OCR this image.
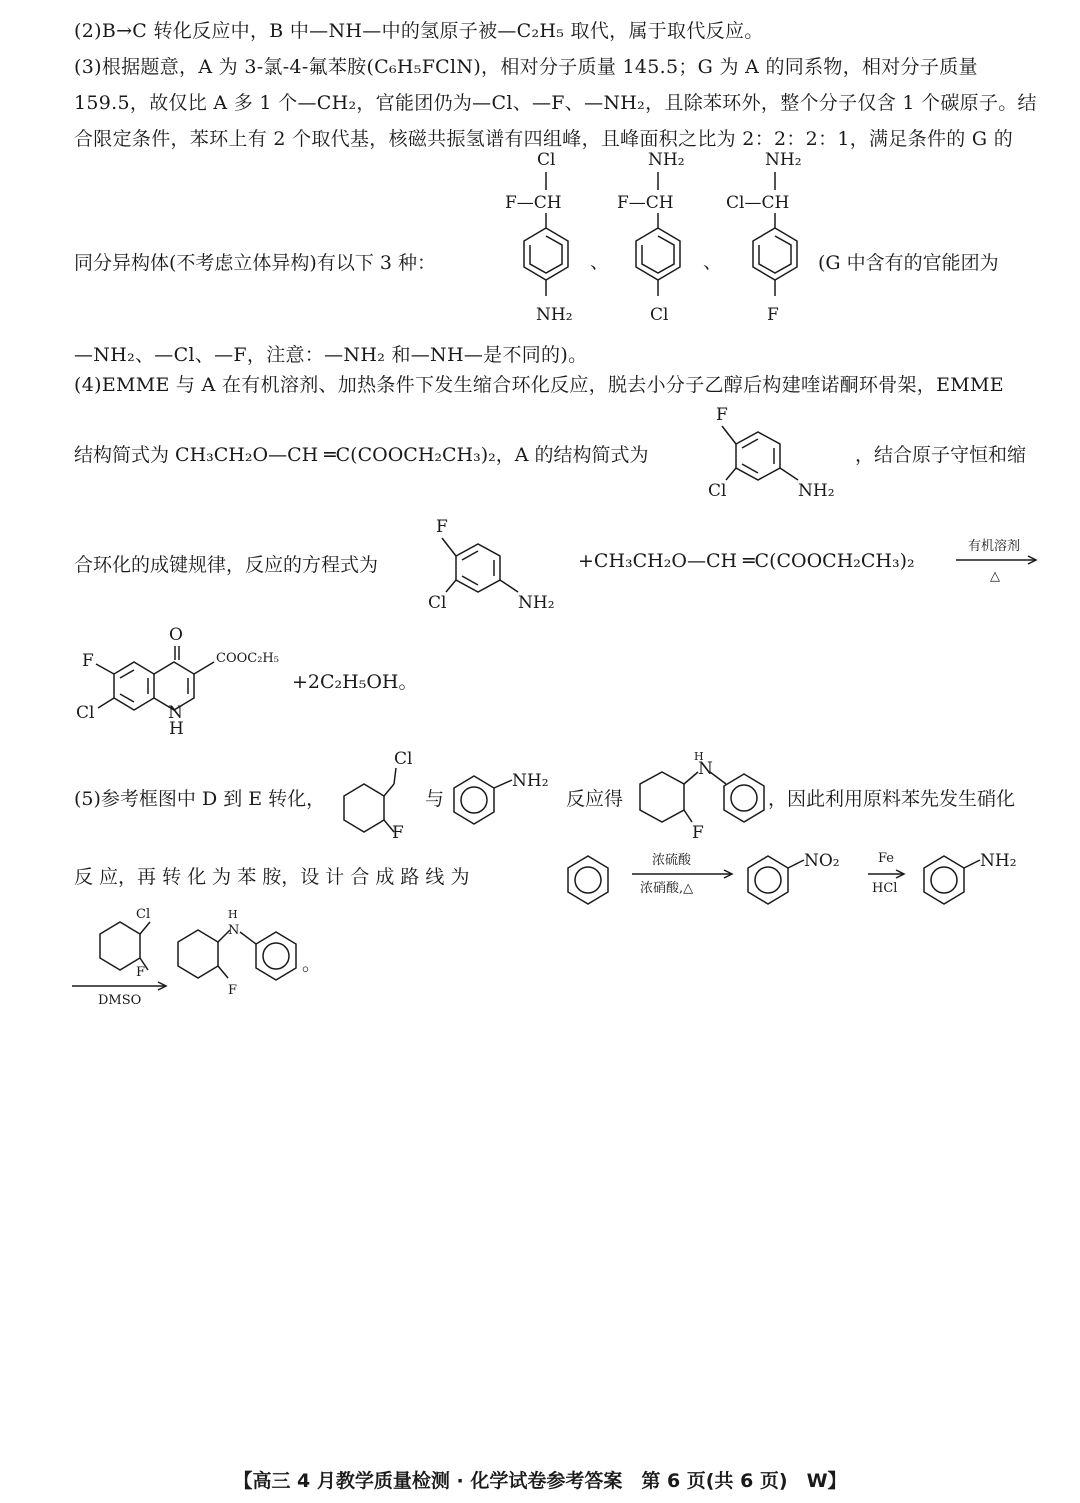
(2)B→C 转化反应中，B 中—NH—中的氢原子被—C₂H₅ 取代，属于取代反应。
(3)根据题意，A 为 3-氯-4-氟苯胺(C₆H₅FClN)，相对分子质量 145.5；G 为 A 的同系物，相对分子质量
159.5，故仅比 A 多 1 个—CH₂，官能团仍为—Cl、—F、—NH₂，且除苯环外，整个分子仅含 1 个碳原子。结
合限定条件，苯环上有 2 个取代基，核磁共振氢谱有四组峰，且峰面积之比为 2：2：2：1，满足条件的 G 的
Cl
F—CH
NH₂
、
NH₂
F—CH
Cl
、
NH₂
Cl—CH
F
同分异构体(不考虑立体异构)有以下 3 种：	(G 中含有的官能团为
—NH₂、—Cl、—F，注意：—NH₂ 和—NH—是不同的)。
(4)EMME 与 A 在有机溶剂、加热条件下发生缩合环化反应，脱去小分子乙醇后构建喹诺酮环骨架，EMME
F
Cl	NH₂
结构简式为 CH₃CH₂O—CH ═C(COOCH₂CH₃)₂，A 的结构简式为	，结合原子守恒和缩
F
Cl	NH₂
合环化的成键规律，反应的方程式为	+CH₃CH₂O—CH ═C(COOCH₂CH₃)₂
有机溶剂
△
O
F
Cl	N
H
COOC₂H₅
+2C₂H₅OH。
(5)参考框图中 D 到 E 转化，
Cl
F
与
NH₂
反应得
N
H
F
，因此利用原料苯先发生硝化
反 应，再 转 化 为 苯 胺，设 计 合 成 路 线 为
浓硫酸
浓硝酸,△
NO₂	Fe
HCl
NH₂
Cl
F
DMSO
N
H
F
。
【高三 4 月教学质量检测 · 化学试卷参考答案　第 6 页(共 6 页)　W】
